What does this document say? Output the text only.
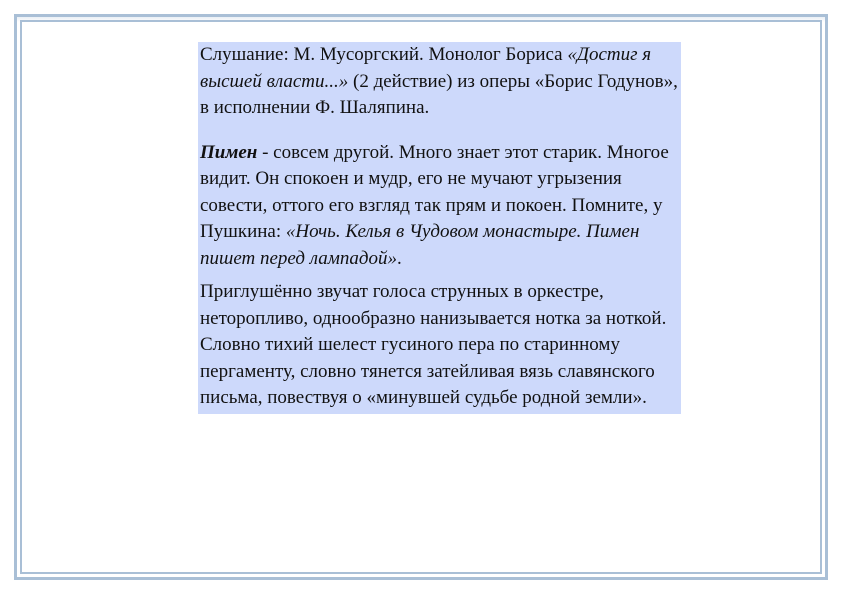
Слушание: М. Мусоргский. Монолог Бориса «Достиг я высшей власти...» (2 действие) из оперы «Борис Годунов», в исполнении Ф. Шаляпина.

Пимен - совсем другой. Много знает этот старик. Многое видит. Он спокоен и мудр, его не мучают угрызения совести, оттого его взгляд так прям и покоен. Помните, у Пушкина: «Ночь. Келья в Чудовом монастыре. Пимен пишет перед лампадой».

Приглушённо звучат голоса струнных в оркестре, неторопливо, однообразно нанизывается нотка за ноткой. Словно тихий шелест гусиного пера по старинному пергаменту, словно тянется затейливая вязь славянского письма, повествуя о «минувшей судьбе родной земли».
